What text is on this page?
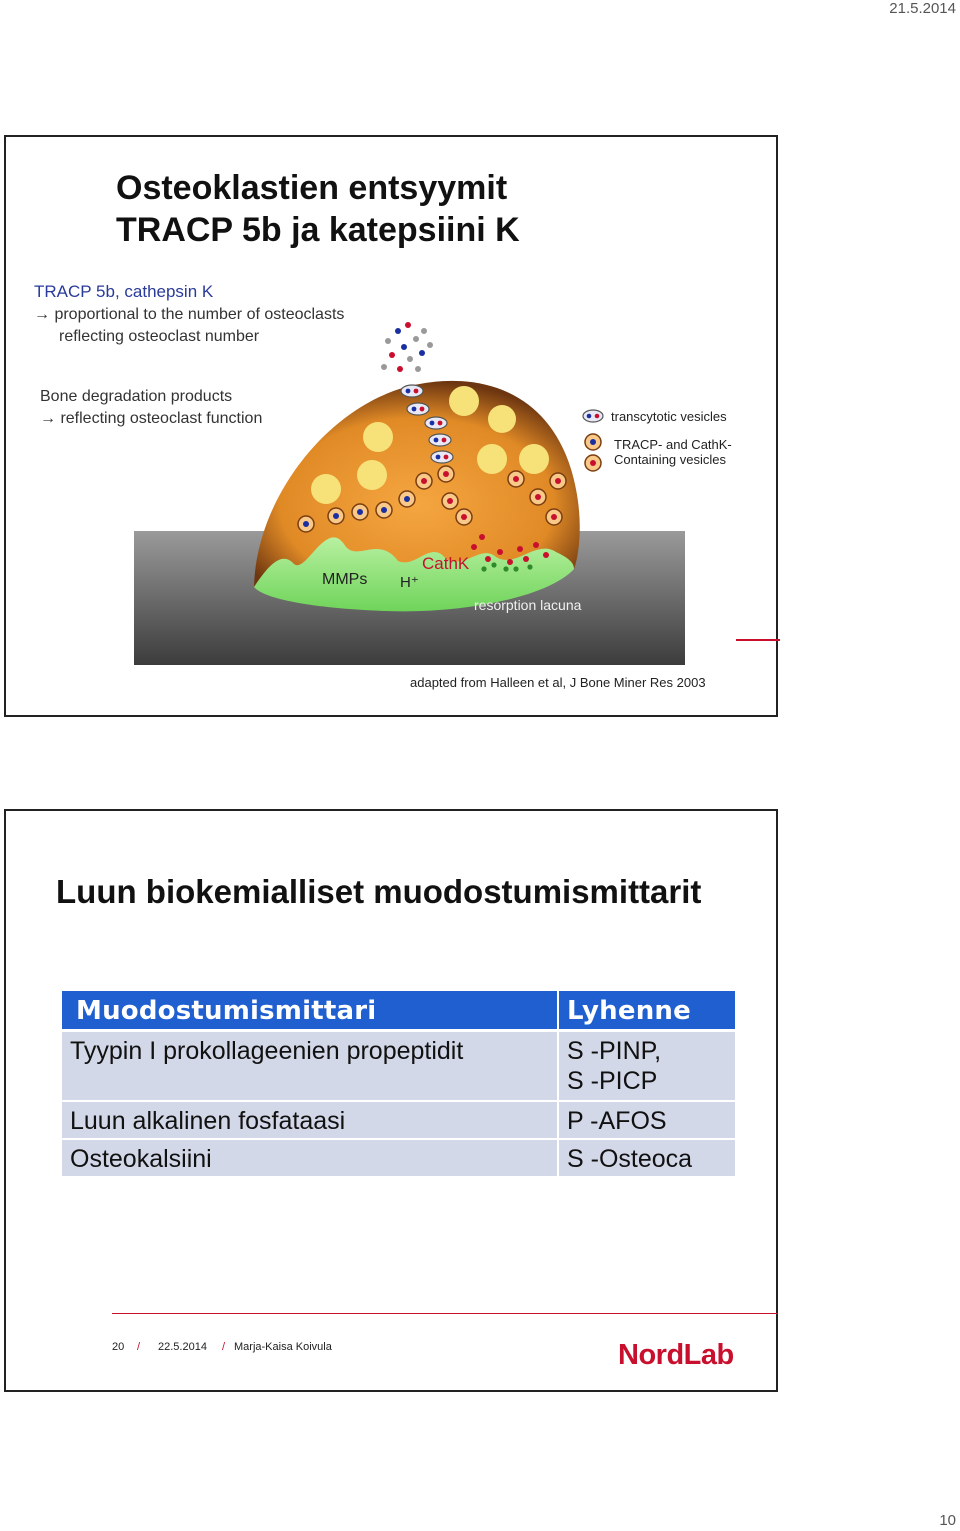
21.5.2014
Osteoklastien entsyymit
TRACP 5b ja katepsiini K
TRACP 5b, cathepsin K
→ proportional to the number of osteoclasts
reflecting osteoclast number
Bone degradation products
→ reflecting osteoclast function
MMPs H⁺
CathK
resorption lacuna
transcytotic vesicles
TRACP- and CathK-
Containing vesicles
adapted from Halleen et al, J Bone Miner Res 2003
Luun biokemialliset muodostumismittarit
Muodostumismittari	Lyhenne
Tyypin I prokollageenien propeptidit	S -PINP,
S -PICP
Luun alkalinen fosfataasi	P -AFOS
Osteokalsiini	S -Osteoca
20 / 22.5.2014 / Marja-Kaisa Koivula	NordLab
10
